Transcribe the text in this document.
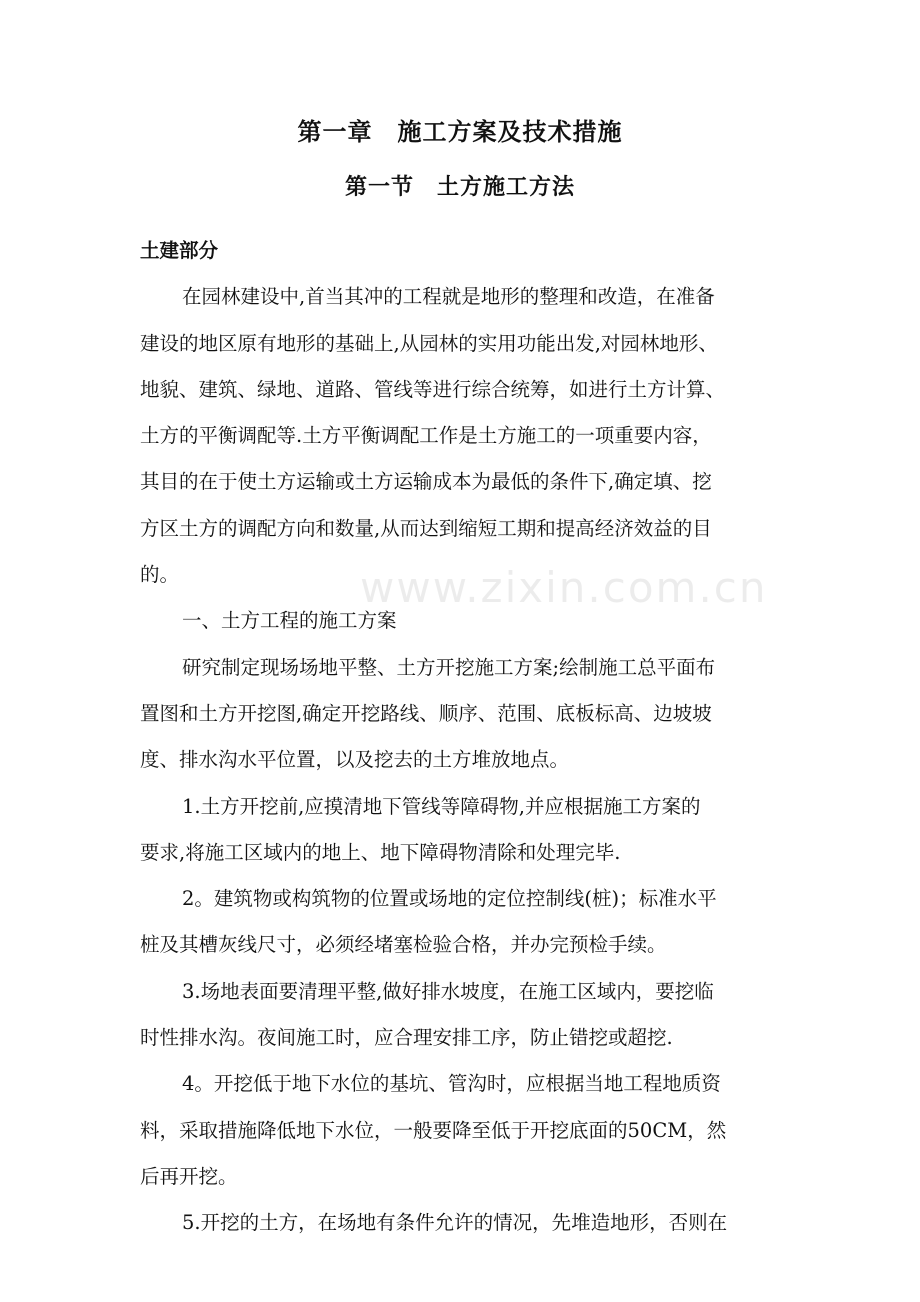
第一章　施工方案及技术措施
第一节　土方施工方法
土建部分
在园林建设中,首当其冲的工程就是地形的整理和改造，在准备
建设的地区原有地形的基础上,从园林的实用功能出发,对园林地形、
地貌、建筑、绿地、道路、管线等进行综合统筹，如进行土方计算、
土方的平衡调配等.土方平衡调配工作是土方施工的一项重要内容，
其目的在于使土方运输或土方运输成本为最低的条件下,确定填、挖
方区土方的调配方向和数量,从而达到缩短工期和提高经济效益的目
的。
一、土方工程的施工方案
研究制定现场场地平整、土方开挖施工方案;绘制施工总平面布
置图和土方开挖图,确定开挖路线、顺序、范围、底板标高、边坡坡
度、排水沟水平位置，以及挖去的土方堆放地点。
1.土方开挖前,应摸清地下管线等障碍物,并应根据施工方案的
要求,将施工区域内的地上、地下障碍物清除和处理完毕.
2。建筑物或构筑物的位置或场地的定位控制线(桩)；标准水平
桩及其槽灰线尺寸，必须经堵塞检验合格，并办完预检手续。
3.场地表面要清理平整,做好排水坡度，在施工区域内，要挖临
时性排水沟。夜间施工时，应合理安排工序，防止错挖或超挖.
4。开挖低于地下水位的基坑、管沟时，应根据当地工程地质资
料，采取措施降低地下水位，一般要降至低于开挖底面的50CM，然
后再开挖。
5.开挖的土方，在场地有条件允许的情况，先堆造地形，否则在
www.zixin.com.cn
